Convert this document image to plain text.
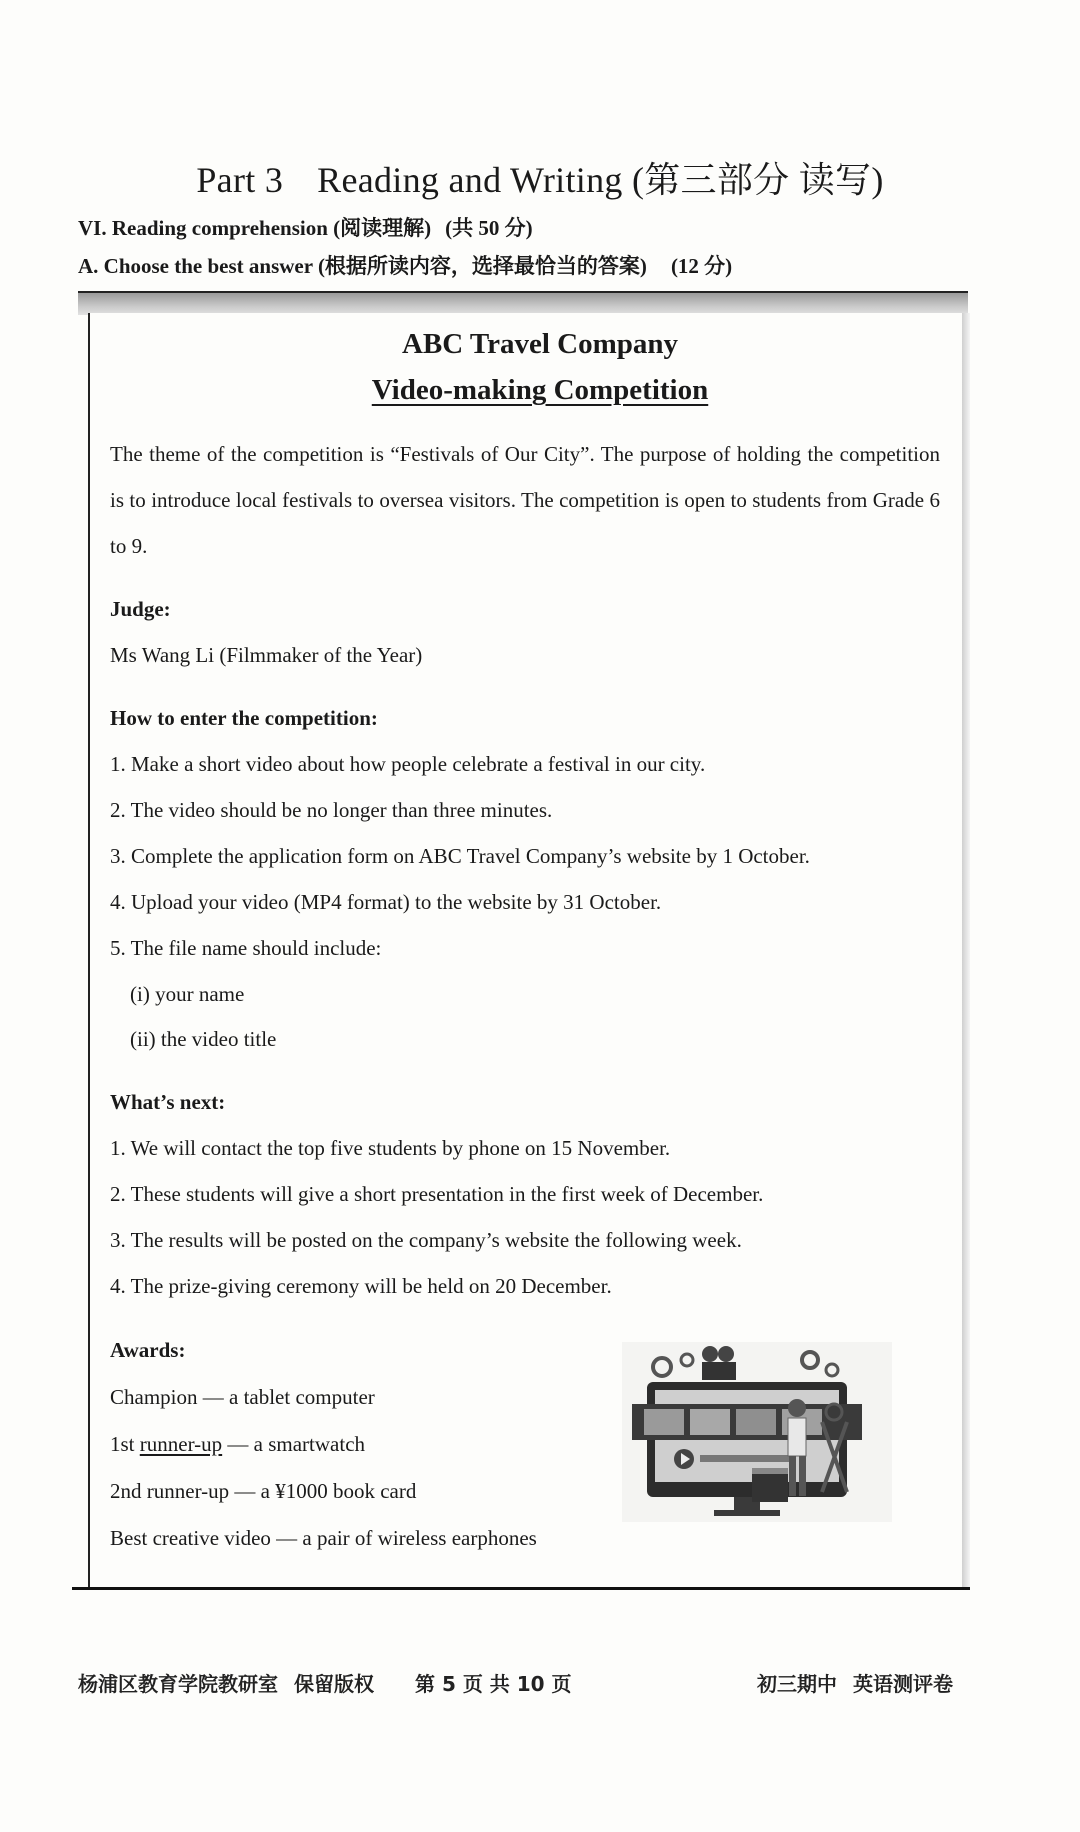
Part 3 Reading and Writing (第三部分 读写)
VI. Reading comprehension (阅读理解) (共 50 分)
A. Choose the best answer (根据所读内容，选择最恰当的答案) (12 分)
ABC Travel Company
Video-making Competition
The theme of the competition is “Festivals of Our City”. The purpose of holding the competition is to introduce local festivals to oversea visitors. The competition is open to students from Grade 6 to 9.
Judge:
Ms Wang Li (Filmmaker of the Year)
How to enter the competition:
1. Make a short video about how people celebrate a festival in our city.
2. The video should be no longer than three minutes.
3. Complete the application form on ABC Travel Company’s website by 1 October.
4. Upload your video (MP4 format) to the website by 31 October.
5. The file name should include:
(i) your name
(ii) the video title
What’s next:
1. We will contact the top five students by phone on 15 November.
2. These students will give a short presentation in the first week of December.
3. The results will be posted on the company’s website the following week.
4. The prize-giving ceremony will be held on 20 December.
Awards:
Champion — a tablet computer
1st runner-up — a smartwatch
2nd runner-up — a ¥1000 book card
Best creative video — a pair of wireless earphones
杨浦区教育学院教研室 保留版权 第 5 页 共 10 页	初三期中 英语测评卷
